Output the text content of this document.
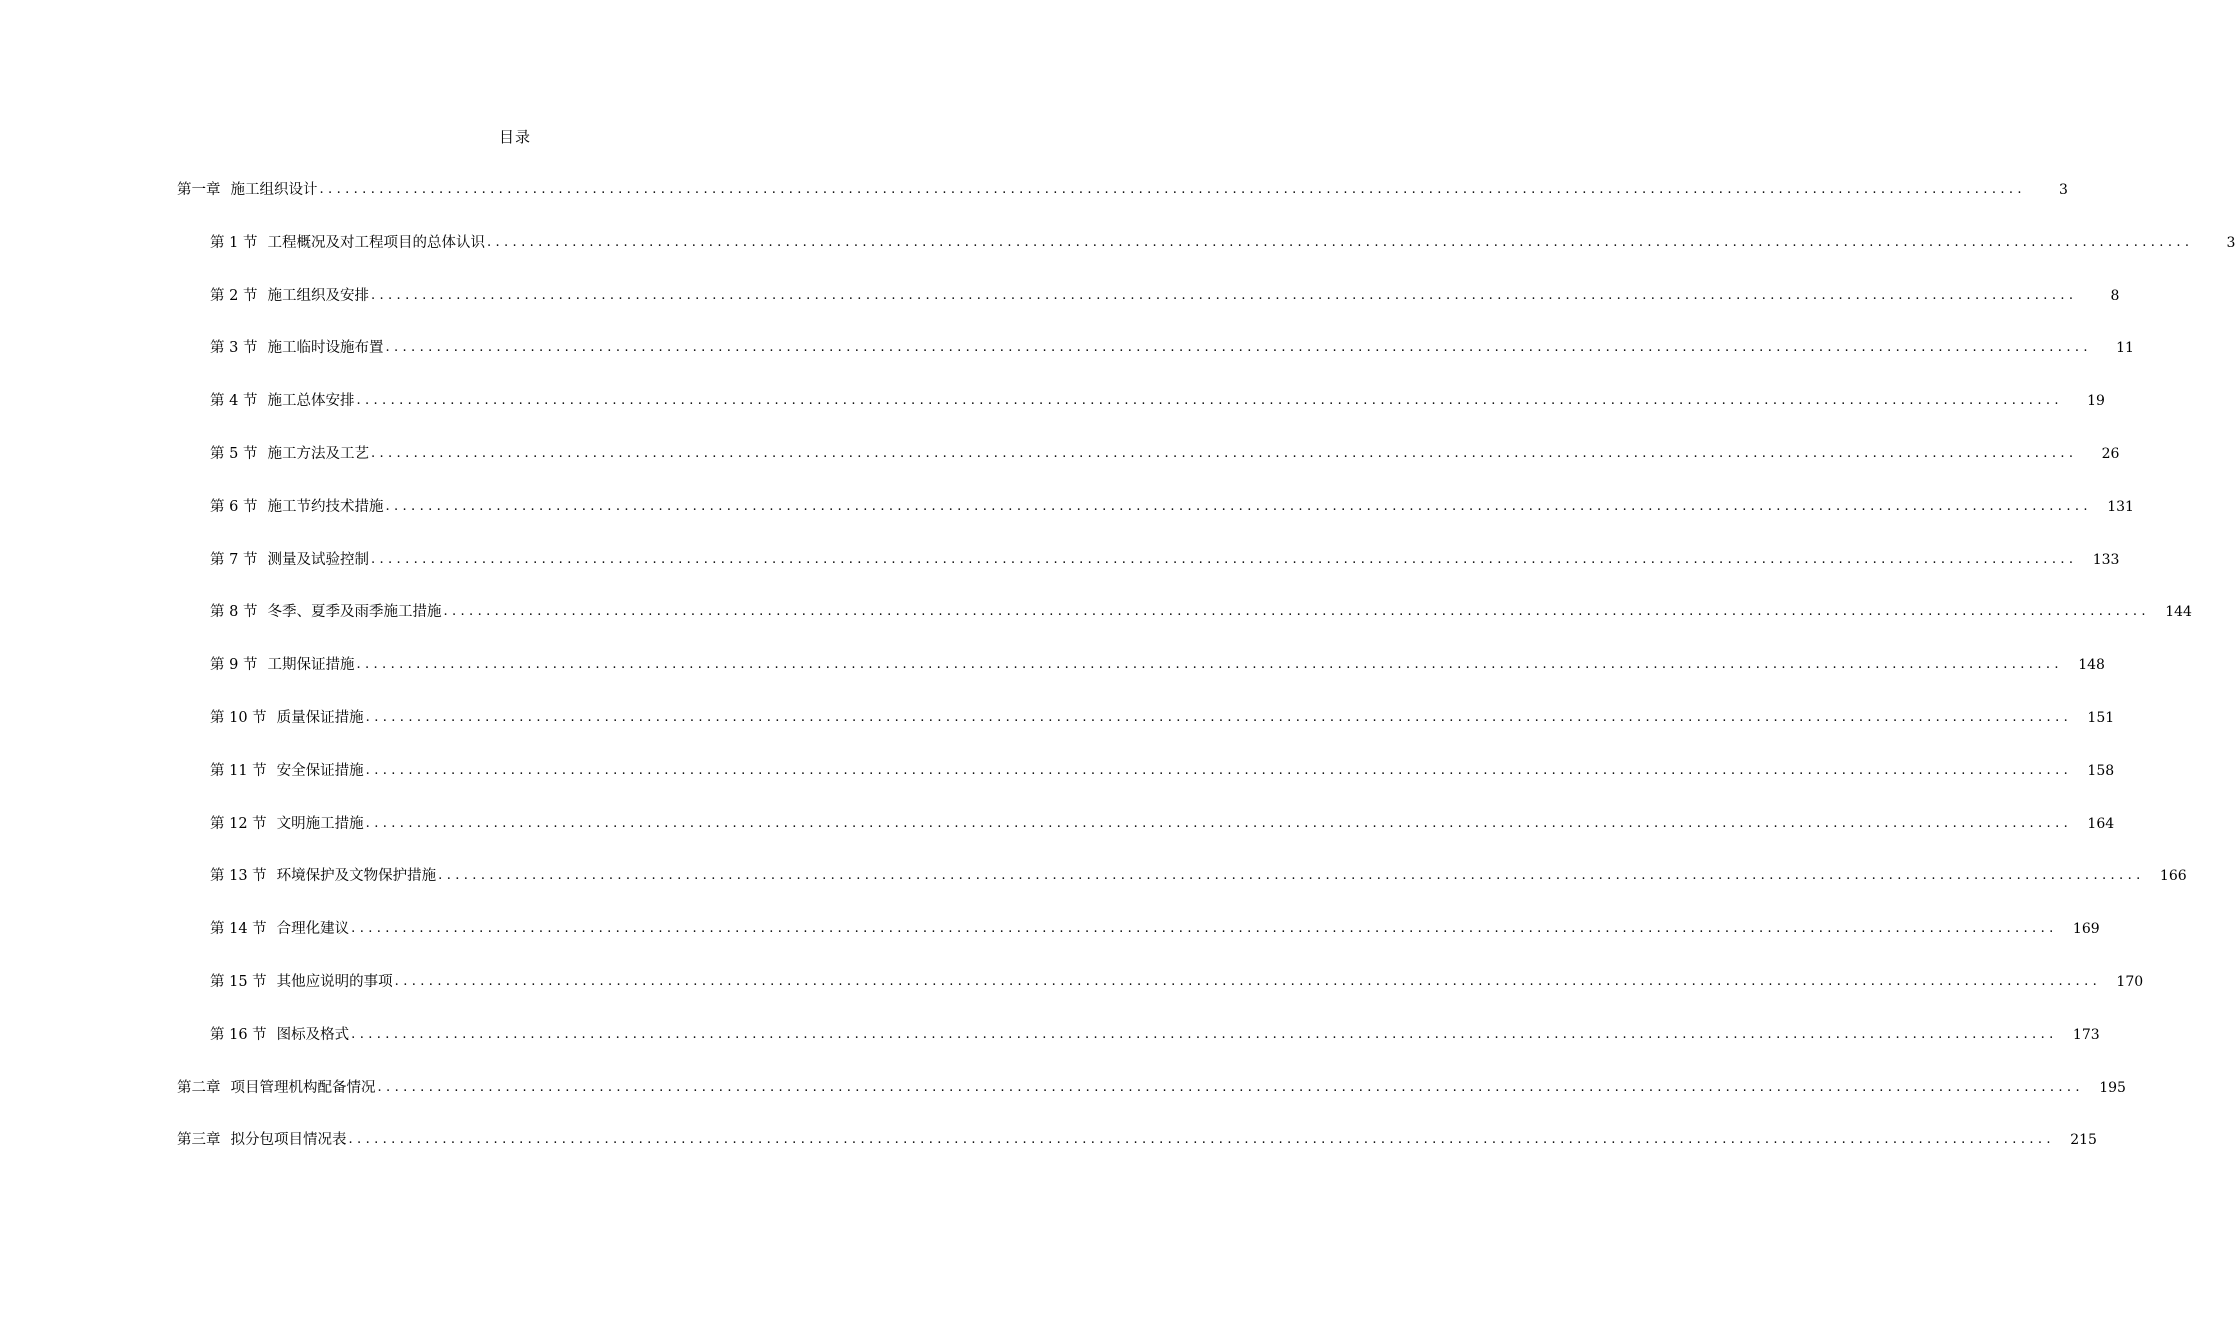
目录
第一章 施工组织设计 ........................................................................................................................................................................................................	3
第 1 节 工程概况及对工程项目的总体认识 ........................................................................................................................................................................................................	3
第 2 节 施工组织及安排 ........................................................................................................................................................................................................	8
第 3 节 施工临时设施布置 ........................................................................................................................................................................................................	11
第 4 节 施工总体安排 ........................................................................................................................................................................................................	19
第 5 节 施工方法及工艺 ........................................................................................................................................................................................................	26
第 6 节 施工节约技术措施 ........................................................................................................................................................................................................	131
第 7 节 测量及试验控制 ........................................................................................................................................................................................................	133
第 8 节 冬季、夏季及雨季施工措施 ........................................................................................................................................................................................................	144
第 9 节 工期保证措施 ........................................................................................................................................................................................................	148
第 10 节 质量保证措施 ........................................................................................................................................................................................................	151
第 11 节 安全保证措施 ........................................................................................................................................................................................................	158
第 12 节 文明施工措施 ........................................................................................................................................................................................................	164
第 13 节 环境保护及文物保护措施 ........................................................................................................................................................................................................	166
第 14 节 合理化建议 ........................................................................................................................................................................................................	169
第 15 节 其他应说明的事项 ........................................................................................................................................................................................................	170
第 16 节 图标及格式 ........................................................................................................................................................................................................	173
第二章 项目管理机构配备情况 ........................................................................................................................................................................................................	195
第三章 拟分包项目情况表 ........................................................................................................................................................................................................	215
